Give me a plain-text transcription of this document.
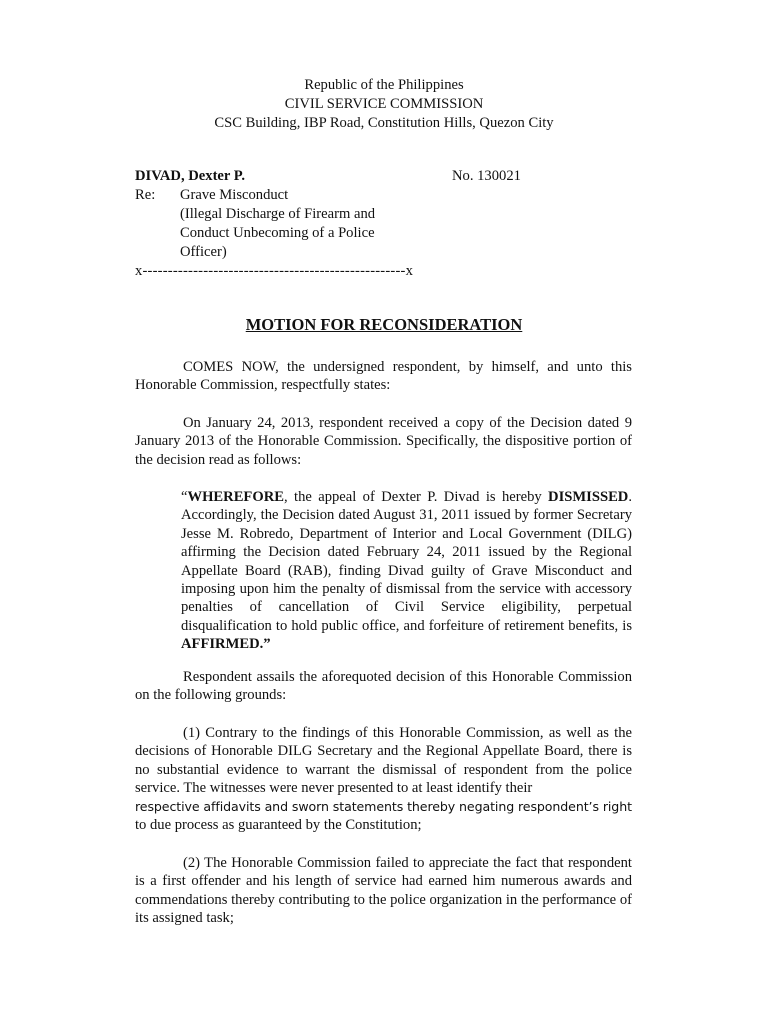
Republic of the Philippines
CIVIL SERVICE COMMISSION
CSC Building, IBP Road, Constitution Hills, Quezon City
DIVAD, Dexter P.	No. 130021
Re: Grave Misconduct
(Illegal Discharge of Firearm and
Conduct Unbecoming of a Police
Officer)
x----------------------------------------------------x
MOTION FOR RECONSIDERATION

COMES NOW, the undersigned respondent, by himself, and unto this Honorable Commission, respectfully states:

On January 24, 2013, respondent received a copy of the Decision dated 9 January 2013 of the Honorable Commission. Specifically, the dispositive portion of the decision read as follows:

“WHEREFORE, the appeal of Dexter P. Divad is hereby DISMISSED. Accordingly, the Decision dated August 31, 2011 issued by former Secretary Jesse M. Robredo, Department of Interior and Local Government (DILG) affirming the Decision dated February 24, 2011 issued by the Regional Appellate Board (RAB), finding Divad guilty of Grave Misconduct and imposing upon him the penalty of dismissal from the service with accessory penalties of cancellation of Civil Service eligibility, perpetual disqualification to hold public office, and forfeiture of retirement benefits, is AFFIRMED.”

Respondent assails the aforequoted decision of this Honorable Commission on the following grounds:

(1) Contrary to the findings of this Honorable Commission, as well as the decisions of Honorable DILG Secretary and the Regional Appellate Board, there is no substantial evidence to warrant the dismissal of respondent from the police service. The witnesses were never presented to at least identify their

respective affidavits and sworn statements thereby negating respondent’s right

to due process as guaranteed by the Constitution;

(2) The Honorable Commission failed to appreciate the fact that respondent is a first offender and his length of service had earned him numerous awards and commendations thereby contributing to the police organization in the performance of its assigned task;
